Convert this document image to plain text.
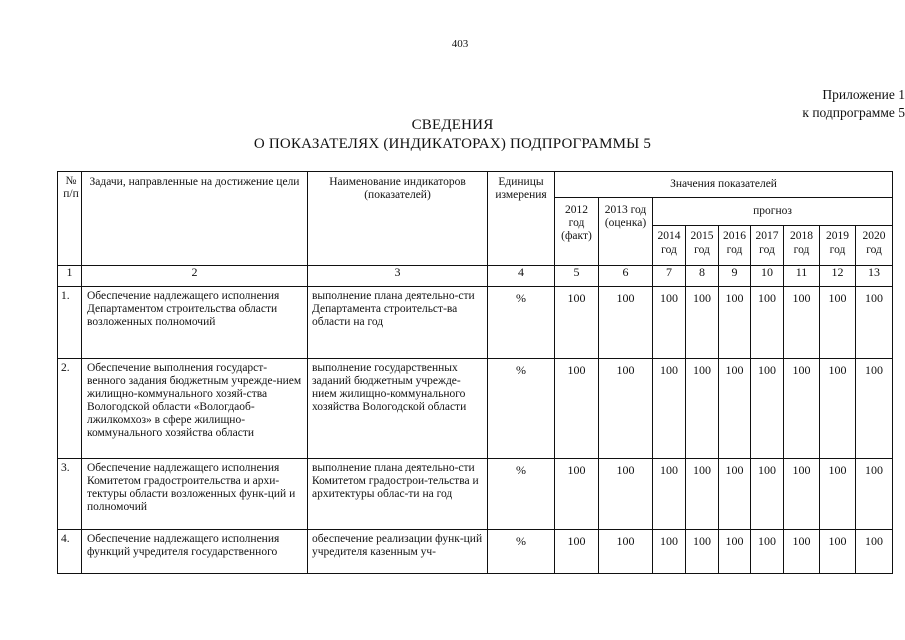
403
Приложение 1
к подпрограмме 5
СВЕДЕНИЯ
О ПОКАЗАТЕЛЯХ (ИНДИКАТОРАХ) ПОДПРОГРАММЫ 5
№
п/п	Задачи, направленные на достижение цели	Наименование индикаторов (показателей)	Единицы измерения	Значения показателей								
				2012 год (факт)	2013 год (оценка)	прогноз						
						2014 год	2015 год	2016 год	2017 год	2018 год	2019 год	2020 год

1	2	3	4	5	6	7	8	9	10	11	12	13
1.	Обеспечение надлежащего исполнения Департаментом строительства области возложенных полномочий	выполнение плана деятельно-сти Департамента строительст-ва области на год	%	100	100	100	100	100	100	100	100	100
2.	Обеспечение выполнения государст-венного задания бюджетным учрежде-нием жилищно-коммунального хозяй-ства Вологодской области «Вологдаоб-лжилкомхоз» в сфере жилищно-коммунального хозяйства области	выполнение государственных заданий бюджетным учрежде-нием жилищно-коммунального хозяйства Вологодской области	%	100	100	100	100	100	100	100	100	100
3.	Обеспечение надлежащего исполнения Комитетом градостроительства и архи-тектуры области возложенных функ-ций и полномочий	выполнение плана деятельно-сти Комитетом градострои-тельства и архитектуры облас-ти на год	%	100	100	100	100	100	100	100	100	100
4.	Обеспечение надлежащего исполнения функций учредителя государственного	обеспечение реализации функ-ций учредителя казенным уч-	%	100	100	100	100	100	100	100	100	100
